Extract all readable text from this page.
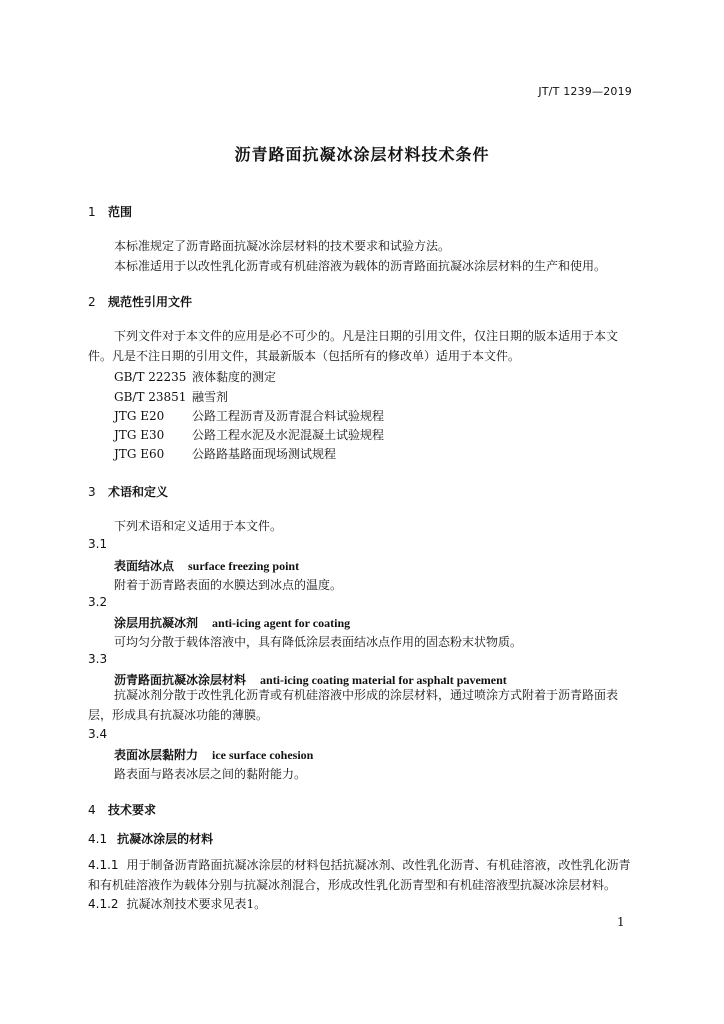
JT/T 1239—2019
沥青路面抗凝冰涂层材料技术条件
1 范围
本标准规定了沥青路面抗凝冰涂层材料的技术要求和试验方法。
本标准适用于以改性乳化沥青或有机硅溶液为载体的沥青路面抗凝冰涂层材料的生产和使用。
2 规范性引用文件
下列文件对于本文件的应用是必不可少的。凡是注日期的引用文件，仅注日期的版本适用于本文件。凡是不注日期的引用文件，其最新版本（包括所有的修改单）适用于本文件。
GB/T 22235 液体黏度的测定
GB/T 23851 融雪剂
JTG E20 公路工程沥青及沥青混合料试验规程
JTG E30 公路工程水泥及水泥混凝土试验规程
JTG E60 公路路基路面现场测试规程
3 术语和定义
下列术语和定义适用于本文件。
3.1
表面结冰点 surface freezing point
附着于沥青路表面的水膜达到冰点的温度。
3.2
涂层用抗凝冰剂 anti-icing agent for coating
可均匀分散于载体溶液中，具有降低涂层表面结冰点作用的固态粉末状物质。
3.3
沥青路面抗凝冰涂层材料 anti-icing coating material for asphalt pavement
抗凝冰剂分散于改性乳化沥青或有机硅溶液中形成的涂层材料，通过喷涂方式附着于沥青路面表层，形成具有抗凝冰功能的薄膜。
3.4
表面冰层黏附力 ice surface cohesion
路表面与路表冰层之间的黏附能力。
4 技术要求
4.1 抗凝冰涂层的材料
4.1.1 用于制备沥青路面抗凝冰涂层的材料包括抗凝冰剂、改性乳化沥青、有机硅溶液，改性乳化沥青和有机硅溶液作为载体分别与抗凝冰剂混合，形成改性乳化沥青型和有机硅溶液型抗凝冰涂层材料。
4.1.2 抗凝冰剂技术要求见表1。
1
